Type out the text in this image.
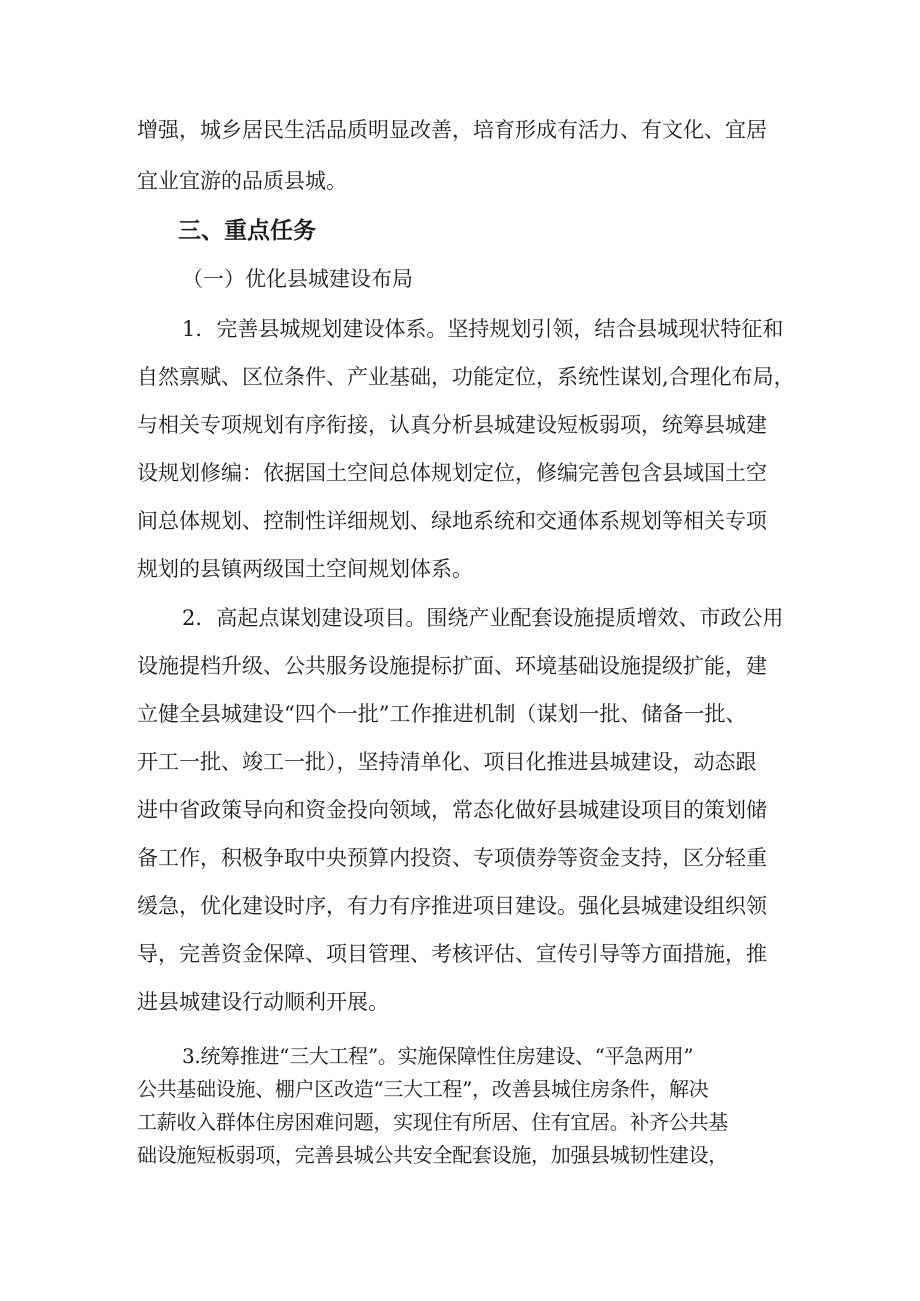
增强，城乡居民生活品质明显改善，培育形成有活力、有文化、宜居
宜业宜游的品质县城。
三、重点任务
（一）优化县城建设布局
1．完善县城规划建设体系。坚持规划引领，结合县城现状特征和
自然禀赋、区位条件、产业基础，功能定位，系统性谋划,合理化布局，
与相关专项规划有序衔接，认真分析县城建设短板弱项，统筹县城建
设规划修编：依据国土空间总体规划定位，修编完善包含县域国土空
间总体规划、控制性详细规划、绿地系统和交通体系规划等相关专项
规划的县镇两级国土空间规划体系。
2．高起点谋划建设项目。围绕产业配套设施提质增效、市政公用
设施提档升级、公共服务设施提标扩面、环境基础设施提级扩能，建
立健全县城建设“四个一批”工作推进机制（谋划一批、储备一批、
开工一批、竣工一批），坚持清单化、项目化推进县城建设，动态跟
进中省政策导向和资金投向领域，常态化做好县城建设项目的策划储
备工作，积极争取中央预算内投资、专项债券等资金支持，区分轻重
缓急，优化建设时序，有力有序推进项目建设。强化县城建设组织领
导，完善资金保障、项目管理、考核评估、宣传引导等方面措施，推
进县城建设行动顺利开展。
3.统筹推进“三大工程”。实施保障性住房建设、“平急两用”
公共基础设施、棚户区改造“三大工程”，改善县城住房条件，解决
工薪收入群体住房困难问题，实现住有所居、住有宜居。补齐公共基
础设施短板弱项，完善县城公共安全配套设施，加强县城韧性建设，
